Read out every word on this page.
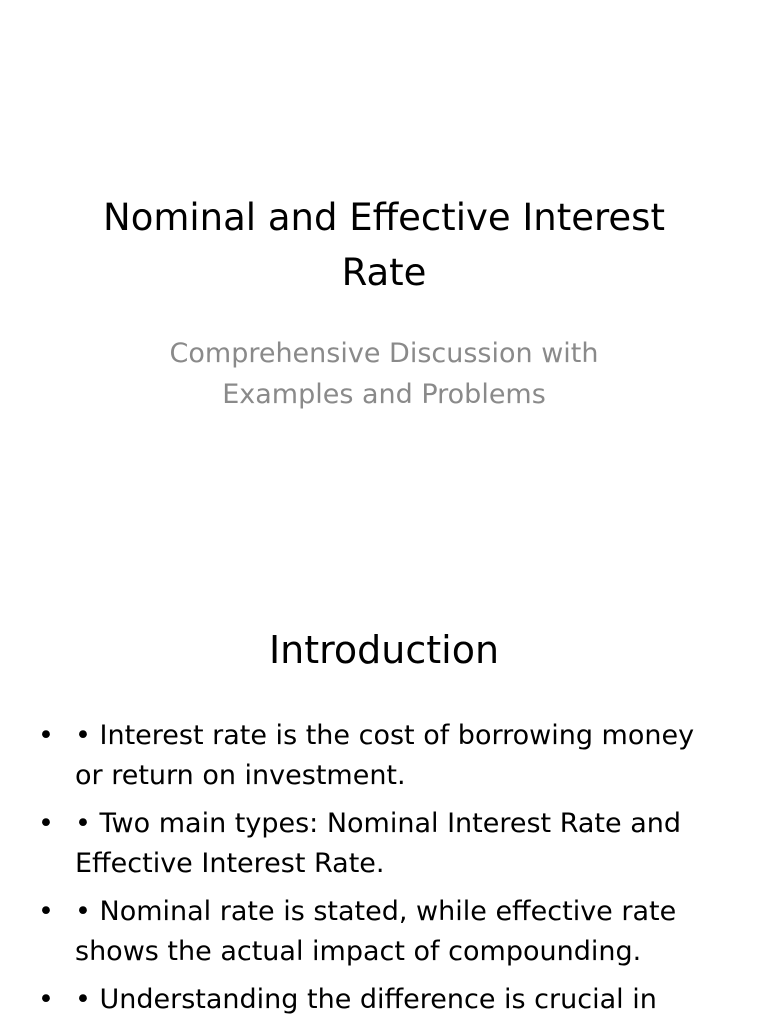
Nominal and Effective Interest Rate

Comprehensive Discussion with Examples and Problems

Introduction
• • Interest rate is the cost of borrowing money or return on investment.
• • Two main types: Nominal Interest Rate and Effective Interest Rate.
• • Nominal rate is stated, while effective rate shows the actual impact of compounding.
• • Understanding the difference is crucial in
